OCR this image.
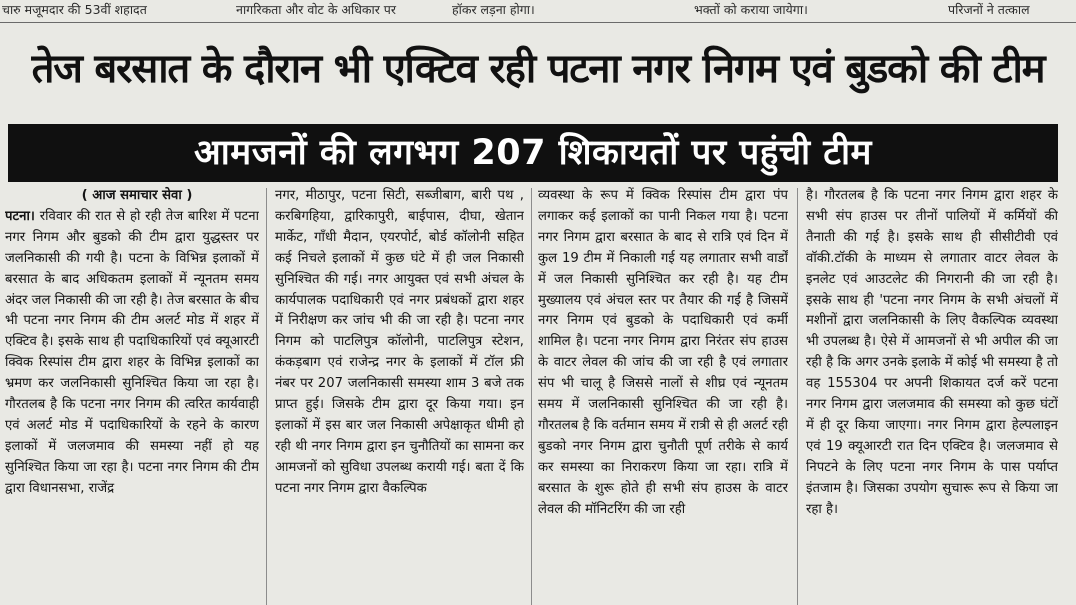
चारु मजूमदार की 53वीं शहादत	नागरिकता और वोट के अधिकार पर	हॉकर लड़ना होगा।	भक्तों को कराया जायेगा।	परिजनों ने तत्काल
तेज बरसात के दौरान भी एक्टिव रही पटना नगर निगम एवं बुडको की टीम
आमजनों की लगभग 207 शिकायतों पर पहुंची टीम

( आज समाचार सेवा )

पटना। रविवार की रात से हो रही तेज बारिश में पटना नगर निगम और बुडको की टीम द्वारा युद्धस्तर पर जलनिकासी की गयी है। पटना के विभिन्न इलाकों में बरसात के बाद अधिकतम इलाकों में न्यूनतम समय अंदर जल निकासी की जा रही है। तेज बरसात के बीच भी पटना नगर निगम की टीम अलर्ट मोड में शहर में एक्टिव है। इसके साथ ही पदाधिकारियों एवं क्यूआरटी क्विक रिस्पांस टीम द्वारा शहर के विभिन्न इलाकों का भ्रमण कर जलनिकासी सुनिश्चित किया जा रहा है। गौरतलब है कि पटना नगर निगम की त्वरित कार्यवाही एवं अलर्ट मोड में पदाधिकारियों के रहने के कारण इलाकों में जलजमाव की समस्या नहीं हो यह सुनिश्चित किया जा रहा है। पटना नगर निगम की टीम द्वारा विधानसभा, राजेंद्र

नगर, मीठापुर, पटना सिटी, सब्जीबाग, बारी पथ , करबिगहिया, द्वारिकापुरी, बाईपास, दीघा, खेतान मार्केट, गाँधी मैदान, एयरपोर्ट, बोर्ड कॉलोनी सहित कई निचले इलाकों में कुछ घंटे में ही जल निकासी सुनिश्चित की गई। नगर आयुक्त एवं सभी अंचल के कार्यपालक पदाधिकारी एवं नगर प्रबंधकों द्वारा शहर में निरीक्षण कर जांच भी की जा रही है। पटना नगर निगम को पाटलिपुत्र कॉलोनी, पाटलिपुत्र स्टेशन, कंकड़बाग एवं राजेन्द्र नगर के इलाकों में टॉल फ्री नंबर पर 207 जलनिकासी समस्या शाम 3 बजे तक प्राप्त हुई। जिसके टीम द्वारा दूर किया गया। इन इलाकों में इस बार जल निकासी अपेक्षाकृत धीमी हो रही थी नगर निगम द्वारा इन चुनौतियों का सामना कर आमजनों को सुविधा उपलब्ध करायी गई। बता दें कि पटना नगर निगम द्वारा वैकल्पिक

व्यवस्था के रूप में क्विक रिस्पांस टीम द्वारा पंप लगाकर कई इलाकों का पानी निकल गया है। पटना नगर निगम द्वारा बरसात के बाद से रात्रि एवं दिन में कुल 19 टीम में निकाली गई यह लगातार सभी वार्डों में जल निकासी सुनिश्चित कर रही है। यह टीम मुख्यालय एवं अंचल स्तर पर तैयार की गई है जिसमें नगर निगम एवं बुडको के पदाधिकारी एवं कर्मी शामिल है। पटना नगर निगम द्वारा निरंतर संप हाउस के वाटर लेवल की जांच की जा रही है एवं लगातार संप भी चालू है जिससे नालों से शीघ्र एवं न्यूनतम समय में जलनिकासी सुनिश्चित की जा रही है। गौरतलब है कि वर्तमान समय में रात्री से ही अलर्ट रही बुडको नगर निगम द्वारा चुनौती पूर्ण तरीके से कार्य कर समस्या का निराकरण किया जा रहा। रात्रि में बरसात के शुरू होते ही सभी संप हाउस के वाटर लेवल की मॉनिटरिंग की जा रही

है। गौरतलब है कि पटना नगर निगम द्वारा शहर के सभी संप हाउस पर तीनों पालियों में कर्मियों की तैनाती की गई है। इसके साथ ही सीसीटीवी एवं वॉकी.टॉकी के माध्यम से लगातार वाटर लेवल के इनलेट एवं आउटलेट की निगरानी की जा रही है। इसके साथ ही 'पटना नगर निगम के सभी अंचलों में मशीनों द्वारा जलनिकासी के लिए वैकल्पिक व्यवस्था भी उपलब्ध है। ऐसे में आमजनों से भी अपील की जा रही है कि अगर उनके इलाके में कोई भी समस्या है तो वह 155304 पर अपनी शिकायत दर्ज करें पटना नगर निगम द्वारा जलजमाव की समस्या को कुछ घंटों में ही दूर किया जाएगा। नगर निगम द्वारा हेल्पलाइन एवं 19 क्यूआरटी रात दिन एक्टिव है। जलजमाव से निपटने के लिए पटना नगर निगम के पास पर्याप्त इंतजाम है। जिसका उपयोग सुचारू रूप से किया जा रहा है।
